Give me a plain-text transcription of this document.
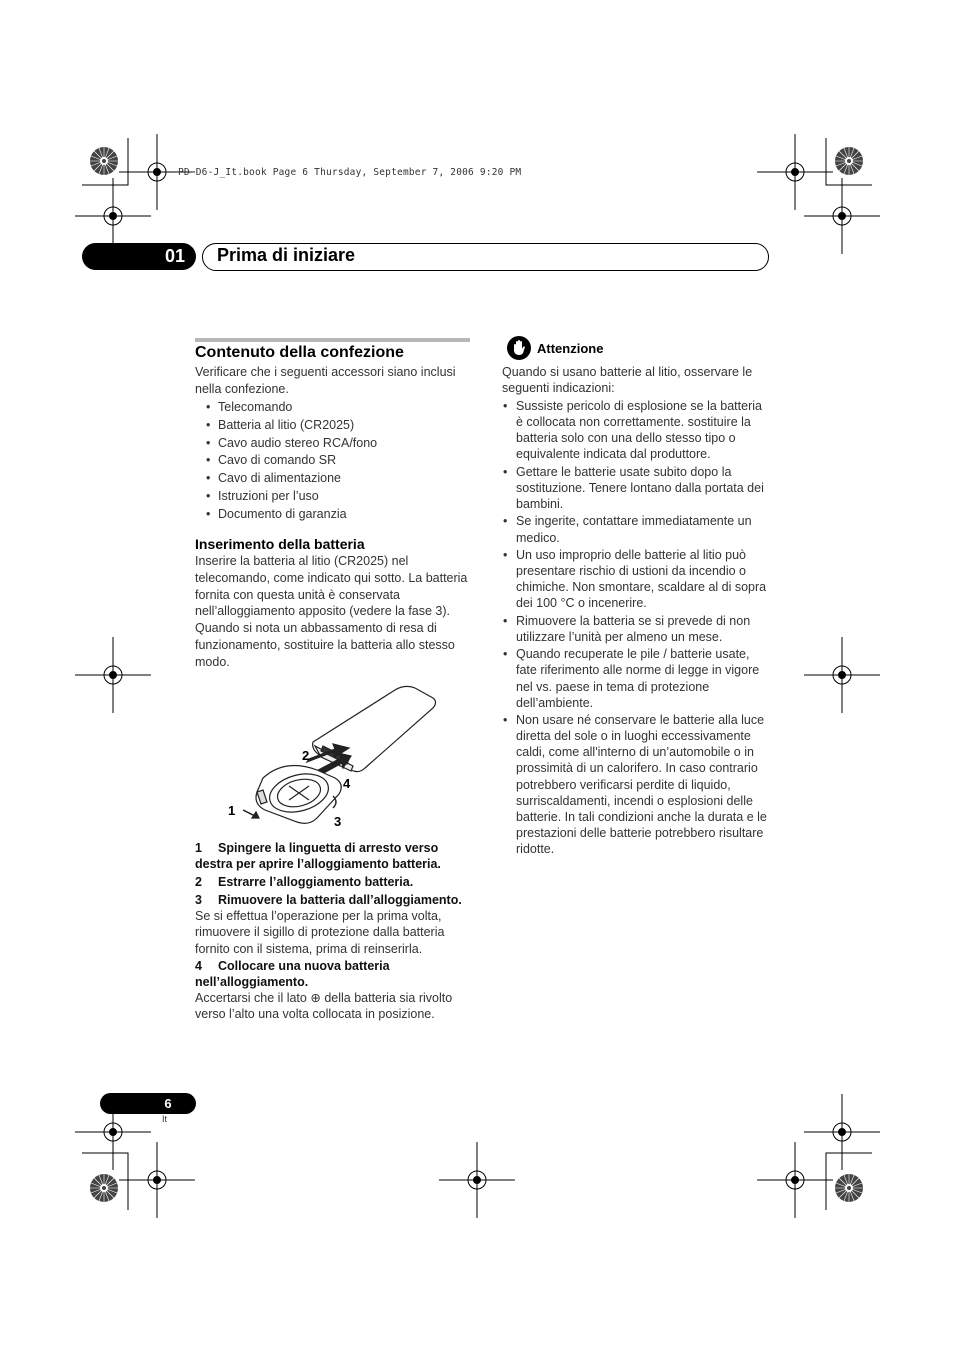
PD-D6-J_It.book Page 6 Thursday, September 7, 2006 9:20 PM
01 Prima di iniziare
Contenuto della confezione
Verificare che i seguenti accessori siano inclusi nella confezione.
• Telecomando
• Batteria al litio (CR2025)
• Cavo audio stereo RCA/fono
• Cavo di comando SR
• Cavo di alimentazione
• Istruzioni per l’uso
• Documento di garanzia
Inserimento della batteria
Inserire la batteria al litio (CR2025) nel telecomando, come indicato qui sotto. La batteria fornita con questa unità è conservata nell’alloggiamento apposito (vedere la fase 3). Quando si nota un abbassamento di resa di funzionamento, sostituire la batteria allo stesso modo.
2
4
1
3
1 Spingere la linguetta di arresto verso destra per aprire l’alloggiamento batteria.
2 Estrarre l’alloggiamento batteria.
3 Rimuovere la batteria dall’alloggiamento.
Se si effettua l’operazione per la prima volta, rimuovere il sigillo di protezione dalla batteria fornito con il sistema, prima di reinserirla.
4 Collocare una nuova batteria nell’alloggiamento.
Accertarsi che il lato ⊕ della batteria sia rivolto verso l’alto una volta collocata in posizione.
Attenzione
Quando si usano batterie al litio, osservare le seguenti indicazioni:
• Sussiste pericolo di esplosione se la batteria è collocata non correttamente. sostituire la batteria solo con una dello stesso tipo o equivalente indicata dal produttore.
• Gettare le batterie usate subito dopo la sostituzione. Tenere lontano dalla portata dei bambini.
• Se ingerite, contattare immediatamente un medico.
• Un uso improprio delle batterie al litio può presentare rischio di ustioni da incendio o chimiche. Non smontare, scaldare al di sopra dei 100 °C o incenerire.
• Rimuovere la batteria se si prevede di non utilizzare l’unità per almeno un mese.
• Quando recuperate le pile / batterie usate, fate riferimento alle norme di legge in vigore nel vs. paese in tema di protezione dell’ambiente.
• Non usare né conservare le batterie alla luce diretta del sole o in luoghi eccessivamente caldi, come all'interno di un’automobile o in prossimità di un calorifero. In caso contrario potrebbero verificarsi perdite di liquido, surriscaldamenti, incendi o esplosioni delle batterie. In tali condizioni anche la durata e le prestazioni delle batterie potrebbero risultare ridotte.
6
It
